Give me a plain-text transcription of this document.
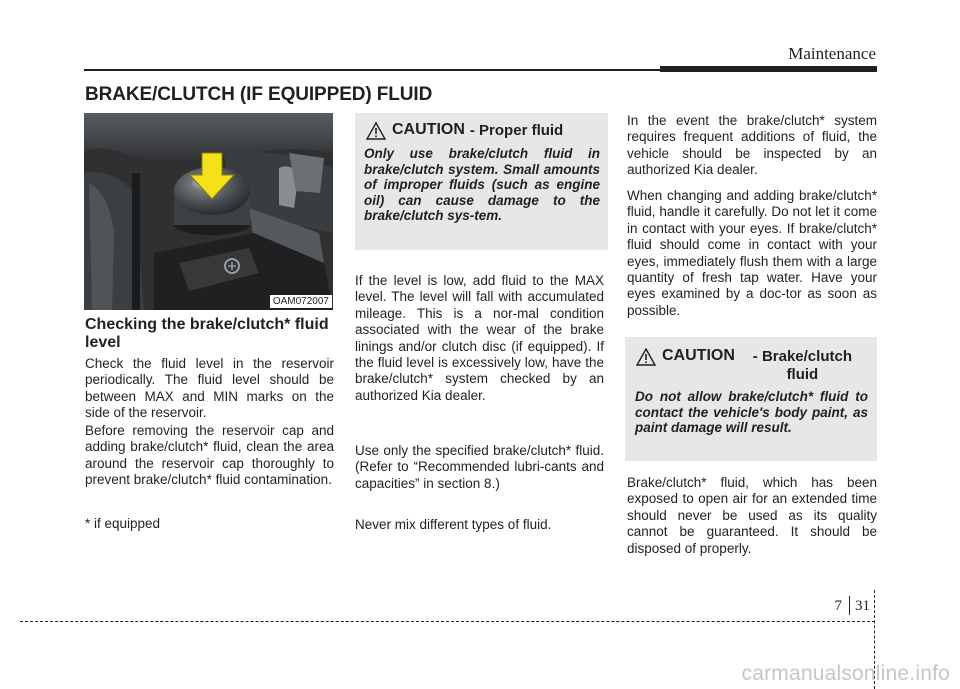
Maintenance
BRAKE/CLUTCH (IF EQUIPPED) FLUID
OAM072007
Checking the brake/clutch* fluid level

Check the fluid level in the reservoir periodically. The fluid level should be between MAX and MIN marks on the side of the reservoir.

Before removing the reservoir cap and adding brake/clutch* fluid, clean the area around the reservoir cap thoroughly to prevent brake/clutch* fluid contamination.

* if equipped

CAUTION - Proper fluid

Only use brake/clutch fluid in brake/clutch system. Small amounts of improper fluids (such as engine oil) can cause damage to the brake/clutch sys-tem.

If the level is low, add fluid to the MAX level. The level will fall with accumulated mileage. This is a nor-mal condition associated with the wear of the brake linings and/or clutch disc (if equipped). If the fluid level is excessively low, have the brake/clutch* system checked by an authorized Kia dealer.

Use only the specified brake/clutch* fluid. (Refer to “Recommended lubri-cants and capacities” in section 8.)

Never mix different types of fluid.

In the event the brake/clutch* system requires frequent additions of fluid, the vehicle should be inspected by an authorized Kia dealer.

When changing and adding brake/clutch* fluid, handle it carefully. Do not let it come in contact with your eyes. If brake/clutch* fluid should come in contact with your eyes, immediately flush them with a large quantity of fresh tap water. Have your eyes examined by a doc-tor as soon as possible.

CAUTION	- Brake/clutch fluid

Do not allow brake/clutch* fluid to contact the vehicle's body paint, as paint damage will result.

Brake/clutch* fluid, which has been exposed to open air for an extended time should never be used as its quality cannot be guaranteed. It should be disposed of properly.

7 31
carmanualsonline.info
